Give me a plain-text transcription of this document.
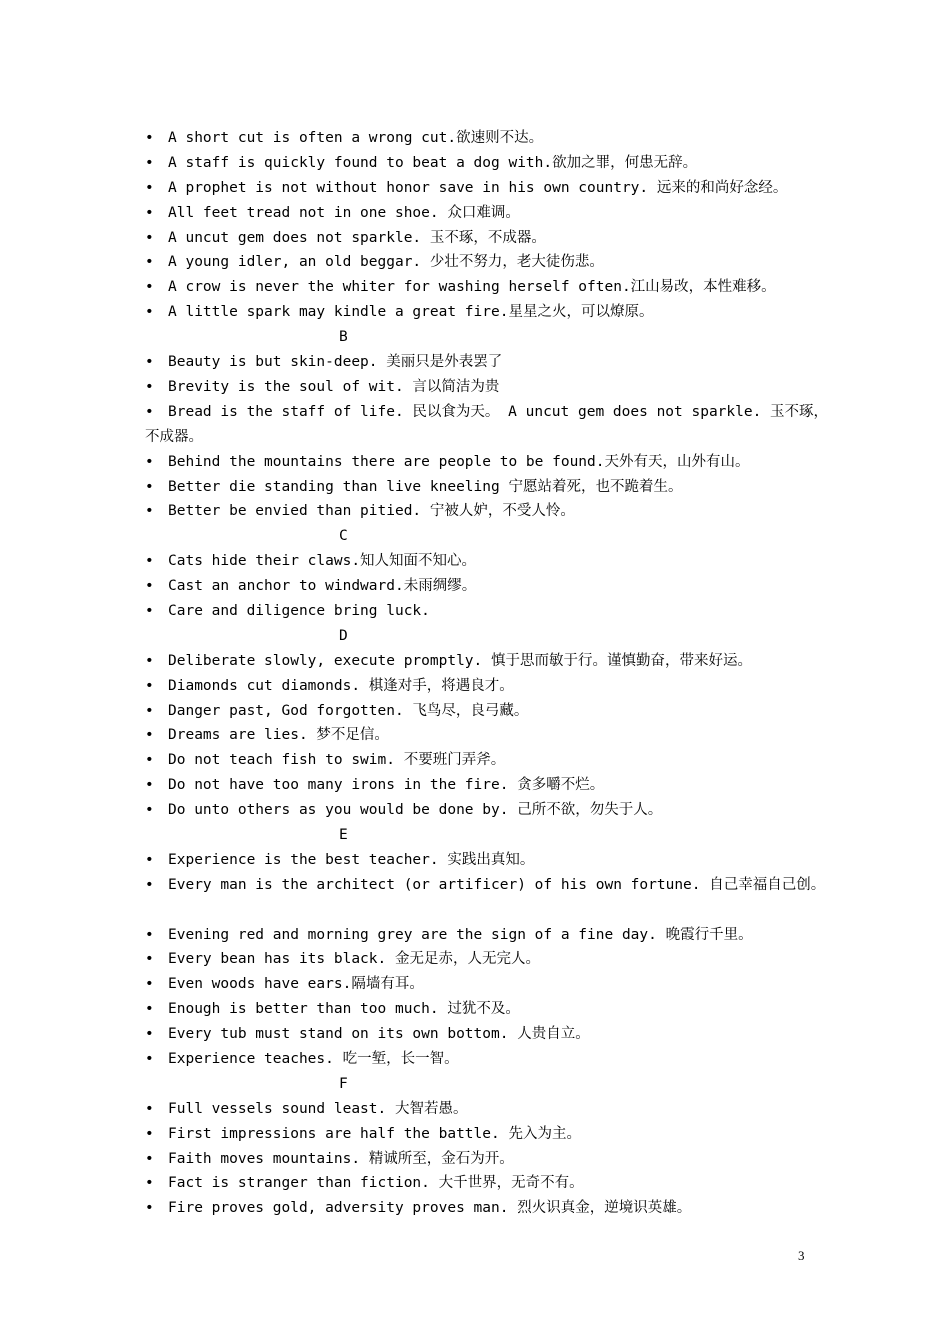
• A short cut is often a wrong cut.欲速则不达。
• A staff is quickly found to beat a dog with.欲加之罪，何患无辞。
• A prophet is not without honor save in his own country. 远来的和尚好念经。
• All feet tread not in one shoe. 众口难调。
• A uncut gem does not sparkle. 玉不琢，不成器。
• A young idler, an old beggar. 少壮不努力，老大徒伤悲。
• A crow is never the whiter for washing herself often.江山易改，本性难移。
• A little spark may kindle a great fire.星星之火，可以燎原。
B
• Beauty is but skin-deep. 美丽只是外表罢了
• Brevity is the soul of wit. 言以简洁为贵
• Bread is the staff of life. 民以食为天。 A uncut gem does not sparkle. 玉不琢，不成器。
• Behind the mountains there are people to be found.天外有天，山外有山。
• Better die standing than live kneeling 宁愿站着死，也不跪着生。
• Better be envied than pitied. 宁被人妒，不受人怜。
C
• Cats hide their claws.知人知面不知心。
• Cast an anchor to windward.未雨绸缪。
• Care and diligence bring luck.
D
• Deliberate slowly, execute promptly. 慎于思而敏于行。谨慎勤奋，带来好运。
• Diamonds cut diamonds. 棋逢对手，将遇良才。
• Danger past, God forgotten. 飞鸟尽，良弓藏。
• Dreams are lies. 梦不足信。
• Do not teach fish to swim. 不要班门弄斧。
• Do not have too many irons in the fire. 贪多嚼不烂。
• Do unto others as you would be done by. 己所不欲，勿失于人。
E
• Experience is the best teacher. 实践出真知。
• Every man is the architect (or artificer) of his own fortune. 自己幸福自己创。
• Evening red and morning grey are the sign of a fine day. 晚霞行千里。
• Every bean has its black. 金无足赤，人无完人。
• Even woods have ears.隔墙有耳。
• Enough is better than too much. 过犹不及。
• Every tub must stand on its own bottom. 人贵自立。
• Experience teaches. 吃一堑，长一智。
F
• Full vessels sound least. 大智若愚。
• First impressions are half the battle. 先入为主。
• Faith moves mountains. 精诚所至，金石为开。
• Fact is stranger than fiction. 大千世界，无奇不有。
• Fire proves gold, adversity proves man. 烈火识真金，逆境识英雄。
3
